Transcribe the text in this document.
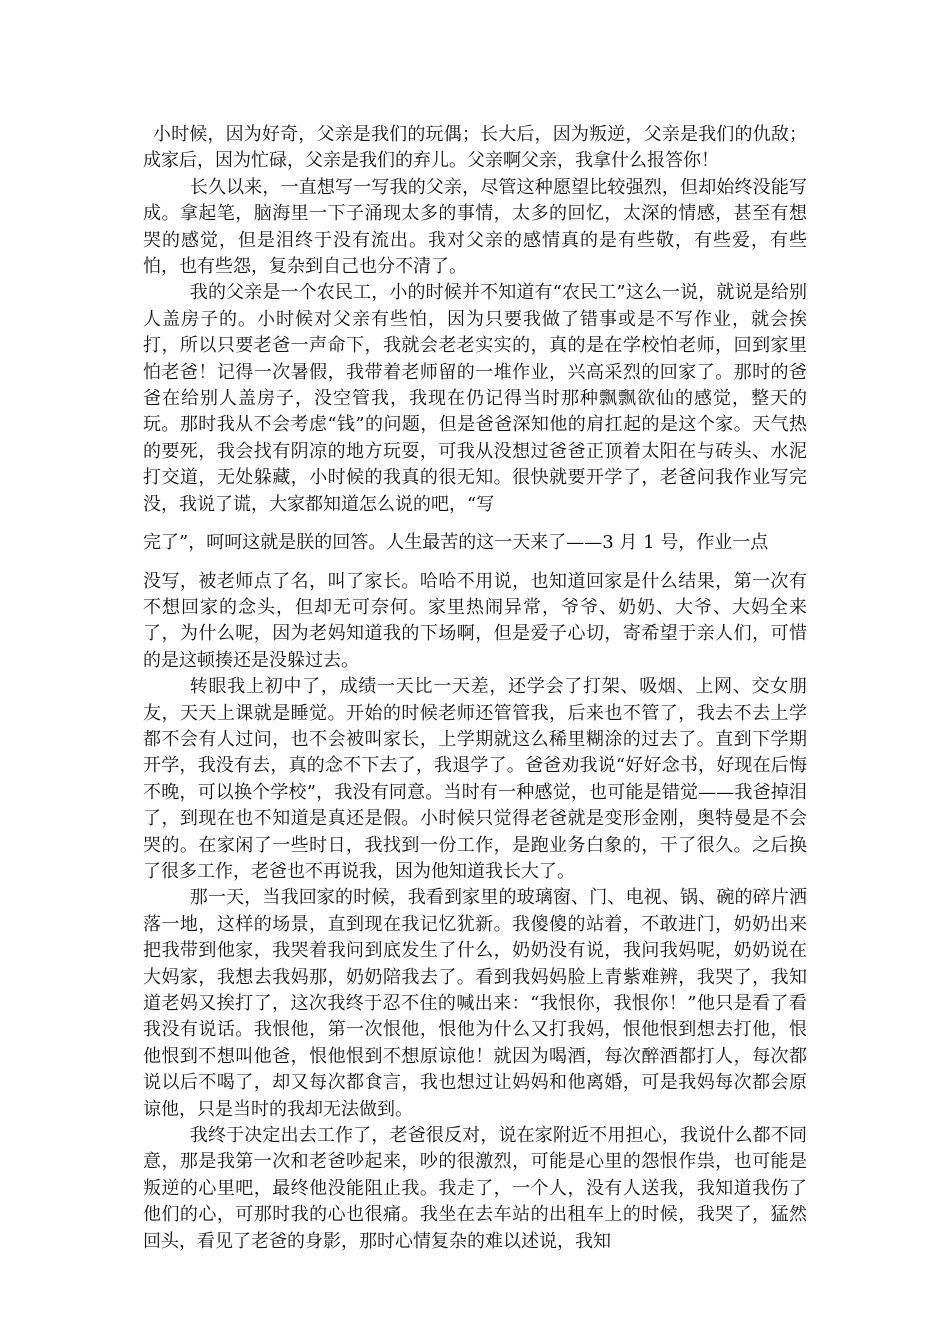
小时候，因为好奇，父亲是我们的玩偶；长大后，因为叛逆，父亲是我们的仇敌；成家后，因为忙碌，父亲是我们的弃儿。父亲啊父亲，我拿什么报答你！

长久以来，一直想写一写我的父亲，尽管这种愿望比较强烈，但却始终没能写成。拿起笔，脑海里一下子涌现太多的事情，太多的回忆，太深的情感，甚至有想哭的感觉，但是泪终于没有流出。我对父亲的感情真的是有些敬，有些爱，有些怕，也有些怨，复杂到自己也分不清了。

我的父亲是一个农民工，小的时候并不知道有“农民工”这么一说，就说是给别人盖房子的。小时候对父亲有些怕，因为只要我做了错事或是不写作业，就会挨打，所以只要老爸一声命下，我就会老老实实的，真的是在学校怕老师，回到家里怕老爸！记得一次暑假，我带着老师留的一堆作业，兴高采烈的回家了。那时的爸爸在给别人盖房子，没空管我，我现在仍记得当时那种飘飘欲仙的感觉，整天的玩。那时我从不会考虑“钱”的问题，但是爸爸深知他的肩扛起的是这个家。天气热的要死，我会找有阴凉的地方玩耍，可我从没想过爸爸正顶着太阳在与砖头、水泥打交道，无处躲藏，小时候的我真的很无知。很快就要开学了，老爸问我作业写完没，我说了谎，大家都知道怎么说的吧，“写

完了”，呵呵这就是朕的回答。人生最苦的这一天来了——3 月 1 号，作业一点

没写，被老师点了名，叫了家长。哈哈不用说，也知道回家是什么结果，第一次有不想回家的念头，但却无可奈何。家里热闹异常，爷爷、奶奶、大爷、大妈全来了，为什么呢，因为老妈知道我的下场啊，但是爱子心切，寄希望于亲人们，可惜的是这顿揍还是没躲过去。

转眼我上初中了，成绩一天比一天差，还学会了打架、吸烟、上网、交女朋友，天天上课就是睡觉。开始的时候老师还管管我，后来也不管了，我去不去上学都不会有人过问，也不会被叫家长，上学期就这么稀里糊涂的过去了。直到下学期开学，我没有去，真的念不下去了，我退学了。爸爸劝我说“好好念书，好现在后悔不晚，可以换个学校”，我没有同意。当时有一种感觉，也可能是错觉——我爸掉泪了，到现在也不知道是真还是假。小时候只觉得老爸就是变形金刚，奥特曼是不会哭的。在家闲了一些时日，我找到一份工作，是跑业务白象的，干了很久。之后换了很多工作，老爸也不再说我，因为他知道我长大了。

那一天，当我回家的时候，我看到家里的玻璃窗、门、电视、锅、碗的碎片洒落一地，这样的场景，直到现在我记忆犹新。我傻傻的站着，不敢进门，奶奶出来把我带到他家，我哭着我问到底发生了什么，奶奶没有说，我问我妈呢，奶奶说在大妈家，我想去我妈那，奶奶陪我去了。看到我妈妈脸上青紫难辨，我哭了，我知道老妈又挨打了，这次我终于忍不住的喊出来：“我恨你，我恨你！”他只是看了看我没有说话。我恨他，第一次恨他，恨他为什么又打我妈，恨他恨到想去打他，恨他恨到不想叫他爸，恨他恨到不想原谅他！就因为喝酒，每次醉酒都打人，每次都说以后不喝了，却又每次都食言，我也想过让妈妈和他离婚，可是我妈每次都会原谅他，只是当时的我却无法做到。

我终于决定出去工作了，老爸很反对，说在家附近不用担心，我说什么都不同意，那是我第一次和老爸吵起来，吵的很激烈，可能是心里的怨恨作祟，也可能是叛逆的心里吧，最终他没能阻止我。我走了，一个人，没有人送我，我知道我伤了他们的心，可那时我的心也很痛。我坐在去车站的出租车上的时候，我哭了，猛然回头，看见了老爸的身影，那时心情复杂的难以述说，我知
